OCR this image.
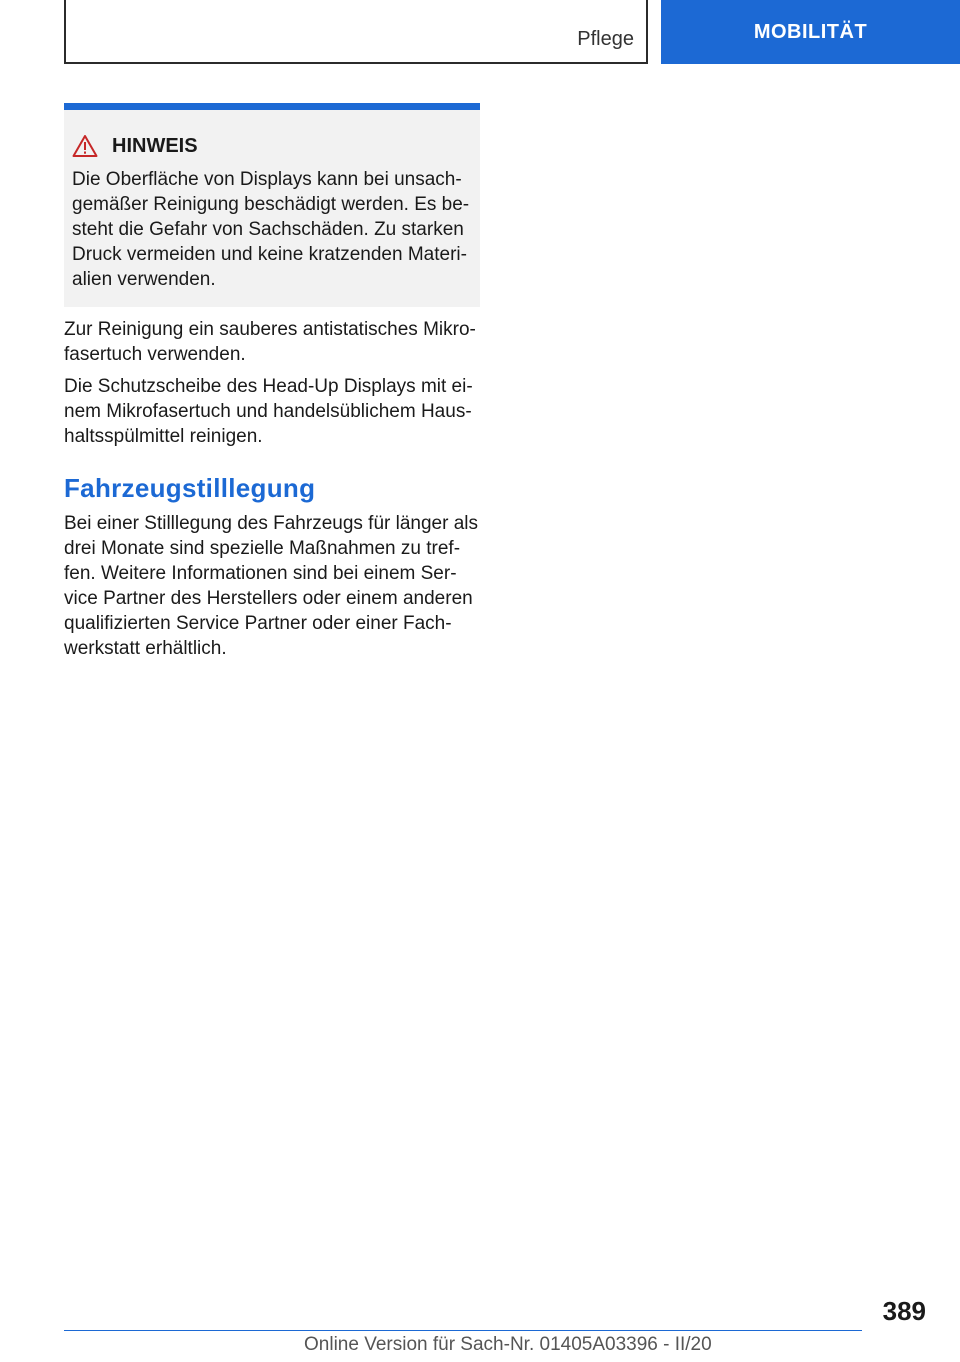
Pflege	MOBILITÄT
HINWEIS

Die Oberfläche von Displays kann bei unsach-
gemäßer Reinigung beschädigt werden. Es be-
steht die Gefahr von Sachschäden. Zu starken
Druck vermeiden und keine kratzenden Materi-
alien verwenden.

Zur Reinigung ein sauberes antistatisches Mikro-
fasertuch verwenden.

Die Schutzscheibe des Head-Up Displays mit ei-
nem Mikrofasertuch und handelsüblichem Haus-
haltsspülmittel reinigen.

Fahrzeugstilllegung

Bei einer Stilllegung des Fahrzeugs für länger als
drei Monate sind spezielle Maßnahmen zu tref-
fen. Weitere Informationen sind bei einem Ser-
vice Partner des Herstellers oder einem anderen
qualifizierten Service Partner oder einer Fach-
werkstatt erhältlich.

389
Online Version für Sach-Nr. 01405A03396 - II/20
